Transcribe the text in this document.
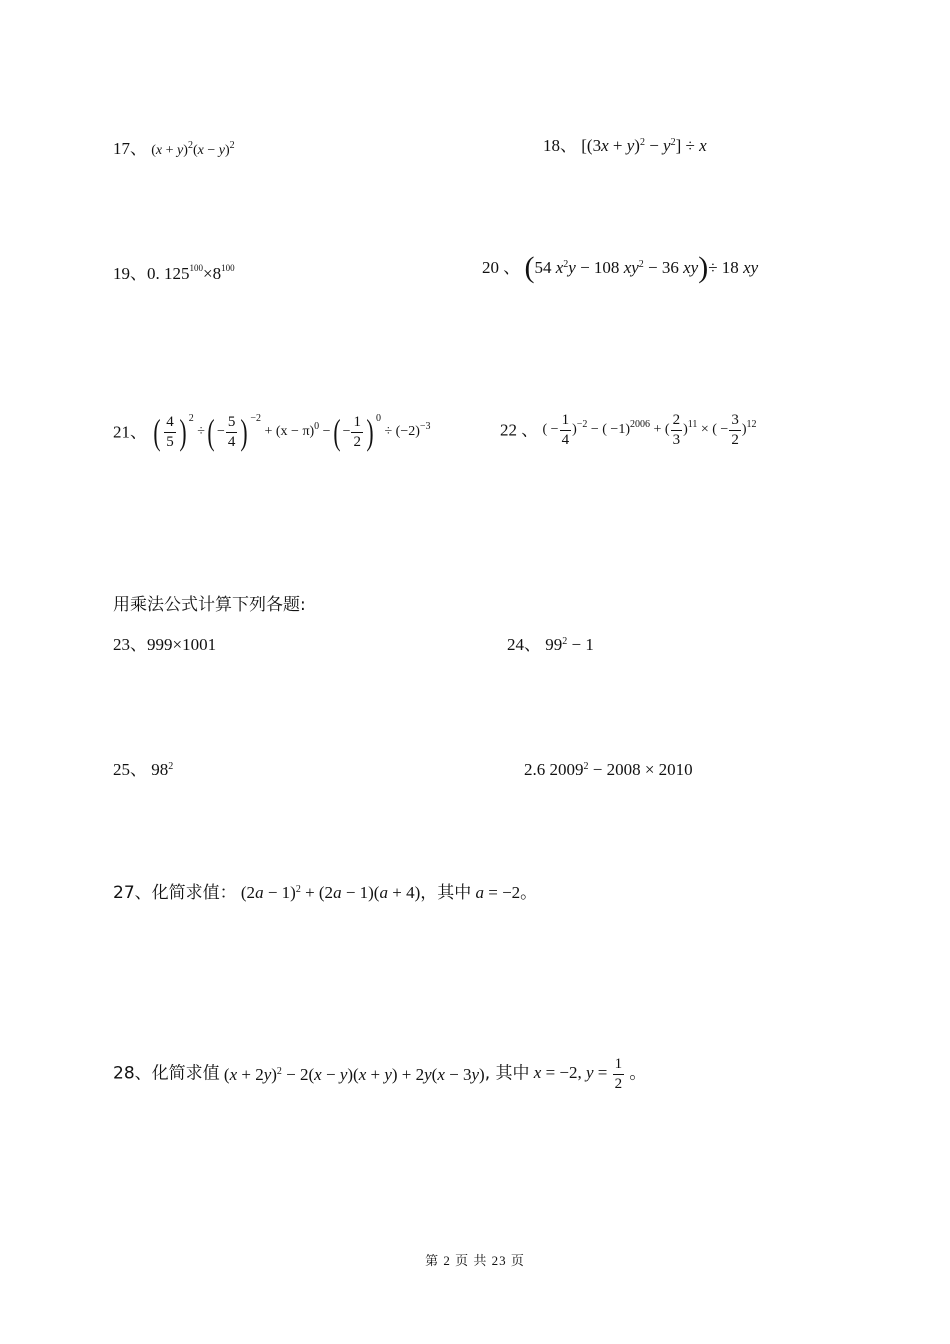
17、 $(x + y)^2(x - y)^2$	18、 $[(3x + y)^2 - y^2] \div x$
19、0. $125^{100}\times 8^{100}$	20 、 (54 $x^2y - 108$ $xy^2 - 36$ xy)÷ 18 xy
21、 ( $\frac{4}{5}$ ) $^2$ ÷( − $\frac{5}{4}$ ) $^{-2} + (x - \pi)^0$ −( − $\frac{1}{2}$ ) $^0 \div (-2)^{-3}$	22 、 ( − $\frac{1}{4} )^{-2}$ − ( −1)$^{2006}$ + ( $\frac{2}{3} )^{11}$ × ( − $\frac{3}{2} )^{12}$
用乘法公式计算下列各题:
23、999×1001	24、 $99^2 - 1$
25、 $98^2$	2.6 $2009^2 - 2008 \times 2010$
27、化简求值： $(2a - 1)^2 + (2a - 1)(a + 4)$，其中 a = −2。
28、化简求值 $(x + 2y)^2 - 2(x - y)(x + y) + 2y(x - 3y)$, 其中 x = −2, $y = \frac{1}{2}$ 。
第 2 页 共 23 页
